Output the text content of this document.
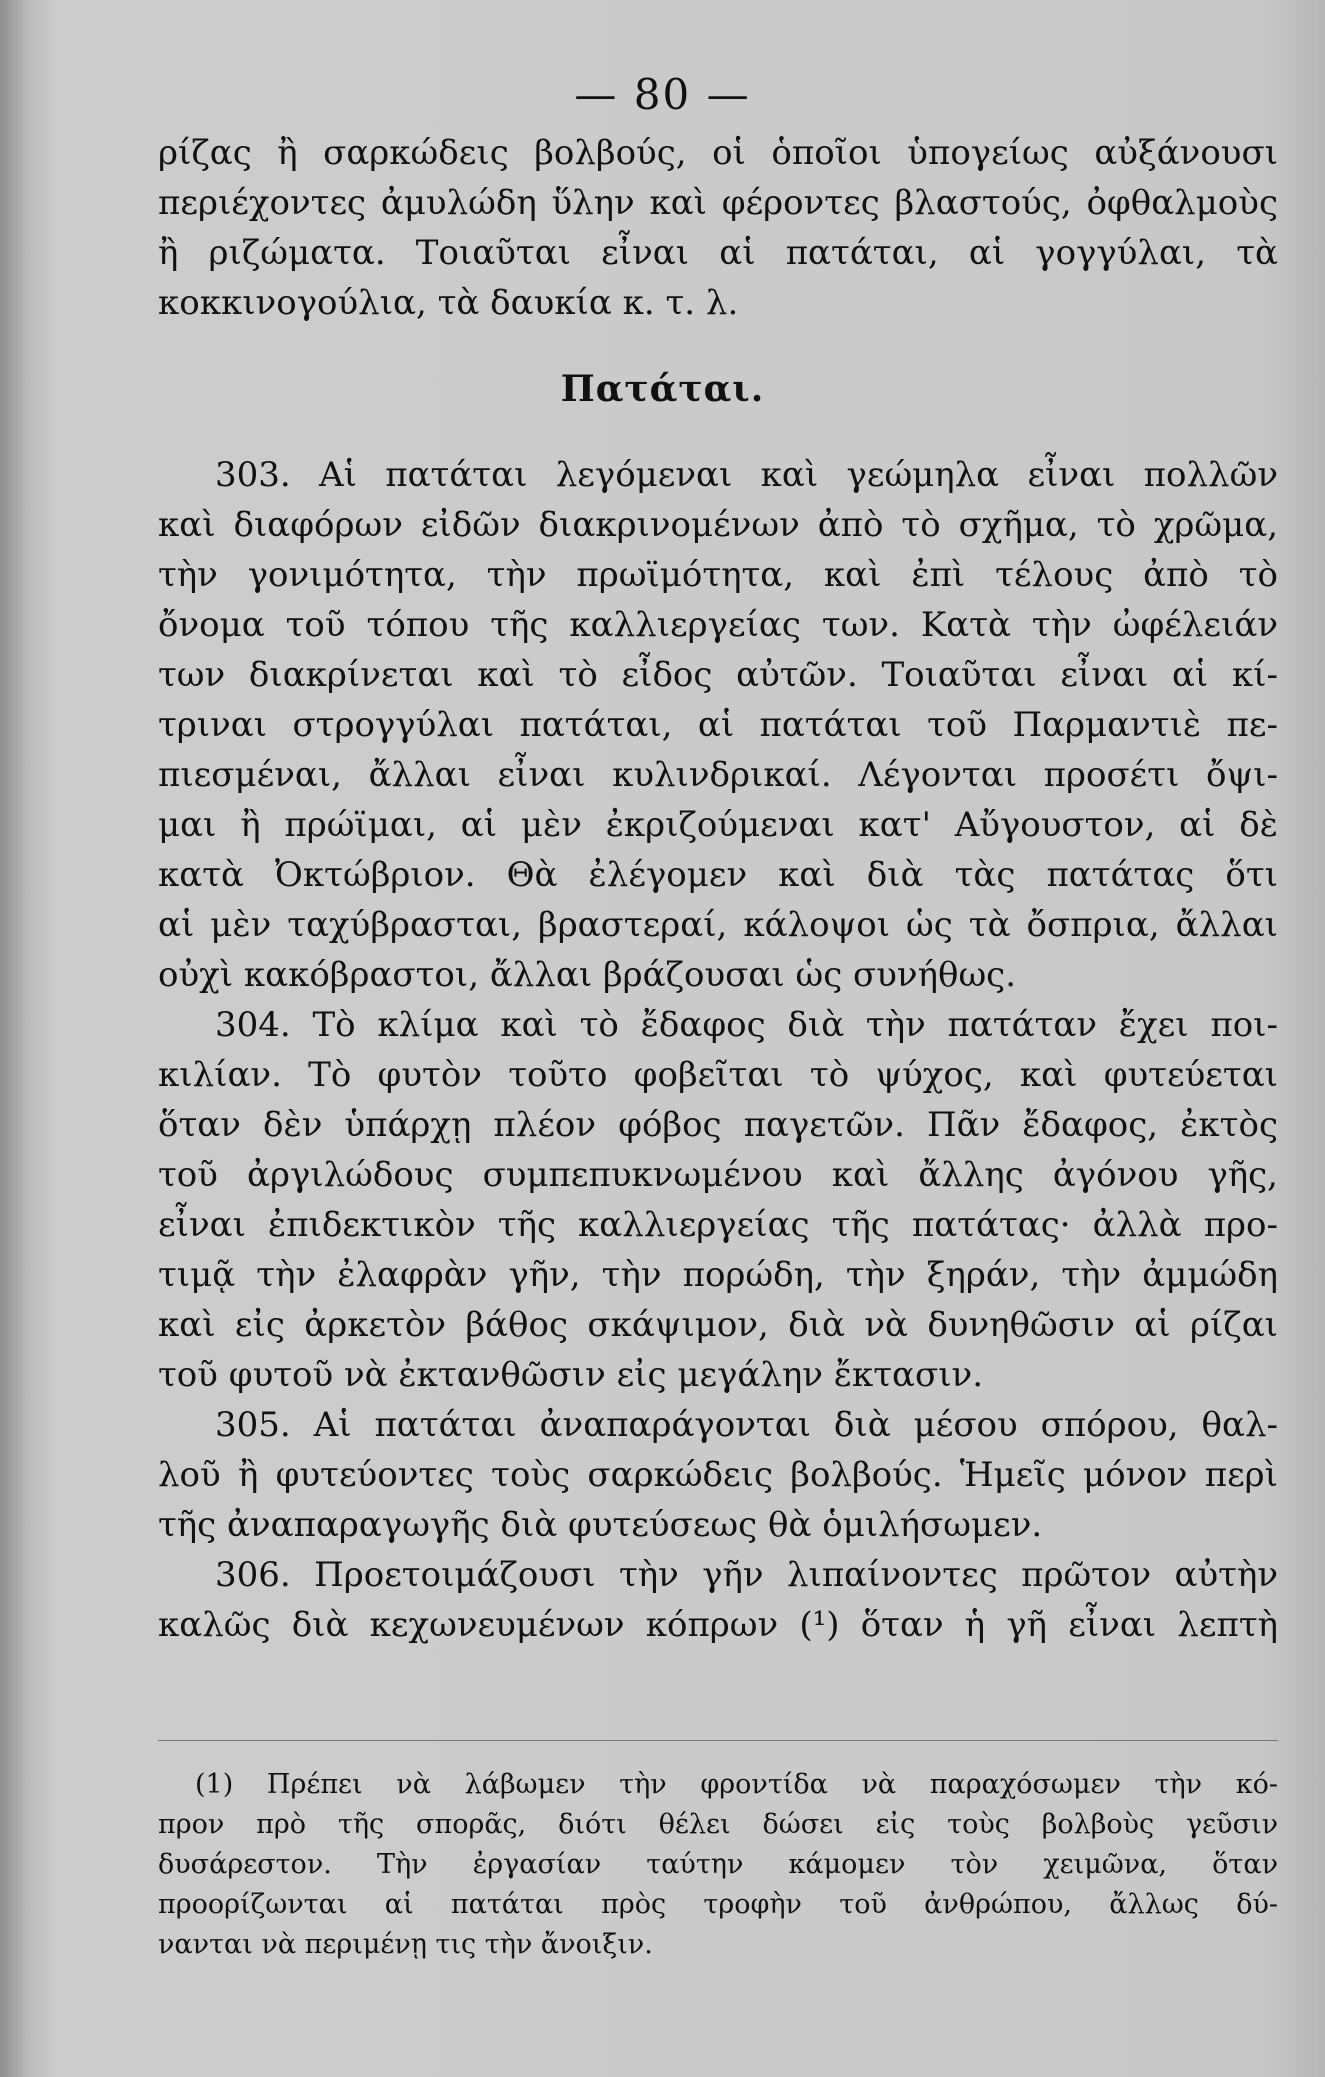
— 80 —
ρίζας ἢ σαρκώδεις βολβούς, οἱ ὁποῖοι ὑπογείως αὐξάνουσι
περιέχοντες ἀμυλώδη ὕλην καὶ φέροντες βλαστούς, ὀφθαλμοὺς
ἢ ριζώματα. Τοιαῦται εἶναι αἱ πατάται, αἱ γογγύλαι, τὰ
κοκκινογούλια, τὰ δαυκία κ. τ. λ.
Πατάται.
303. Αἱ πατάται λεγόμεναι καὶ γεώμηλα εἶναι πολλῶν
καὶ διαφόρων εἰδῶν διακρινομένων ἀπὸ τὸ σχῆμα, τὸ χρῶμα,
τὴν γονιμότητα, τὴν πρωϊμότητα, καὶ ἐπὶ τέλους ἀπὸ τὸ
ὄνομα τοῦ τόπου τῆς καλλιεργείας των. Κατὰ τὴν ὠφέλειάν
των διακρίνεται καὶ τὸ εἶδος αὐτῶν. Τοιαῦται εἶναι αἱ κί-
τριναι στρογγύλαι πατάται, αἱ πατάται τοῦ Παρμαντιὲ πε-
πιεσμέναι, ἄλλαι εἶναι κυλινδρικαί. Λέγονται προσέτι ὄψι-
μαι ἢ πρώϊμαι, αἱ μὲν ἐκριζούμεναι κατ' Αὔγουστον, αἱ δὲ
κατὰ Ὀκτώβριον. Θὰ ἐλέγομεν καὶ διὰ τὰς πατάτας ὅτι
αἱ μὲν ταχύβρασται, βραστεραί, κάλοψοι ὡς τὰ ὄσπρια, ἄλλαι
οὐχὶ κακόβραστοι, ἄλλαι βράζουσαι ὡς συνήθως.
304. Τὸ κλίμα καὶ τὸ ἔδαφος διὰ τὴν πατάταν ἔχει ποι-
κιλίαν. Τὸ φυτὸν τοῦτο φοβεῖται τὸ ψύχος, καὶ φυτεύεται
ὅταν δὲν ὑπάρχῃ πλέον φόβος παγετῶν. Πᾶν ἔδαφος, ἐκτὸς
τοῦ ἀργιλώδους συμπεπυκνωμένου καὶ ἄλλης ἀγόνου γῆς,
εἶναι ἐπιδεκτικὸν τῆς καλλιεργείας τῆς πατάτας· ἀλλὰ προ-
τιμᾷ τὴν ἐλαφρὰν γῆν, τὴν πορώδη, τὴν ξηράν, τὴν ἀμμώδη
καὶ εἰς ἀρκετὸν βάθος σκάψιμον, διὰ νὰ δυνηθῶσιν αἱ ρίζαι
τοῦ φυτοῦ νὰ ἐκτανθῶσιν εἰς μεγάλην ἔκτασιν.
305. Αἱ πατάται ἀναπαράγονται διὰ μέσου σπόρου, θαλ-
λοῦ ἢ φυτεύοντες τοὺς σαρκώδεις βολβούς. Ἡμεῖς μόνον περὶ
τῆς ἀναπαραγωγῆς διὰ φυτεύσεως θὰ ὁμιλήσωμεν.
306. Προετοιμάζουσι τὴν γῆν λιπαίνοντες πρῶτον αὐτὴν
καλῶς διὰ κεχωνευμένων κόπρων (¹) ὅταν ἡ γῆ εἶναι λεπτὴ
(1) Πρέπει νὰ λάβωμεν τὴν φροντίδα νὰ παραχόσωμεν τὴν κό-
προν πρὸ τῆς σπορᾶς, διότι θέλει δώσει εἰς τοὺς βολβοὺς γεῦσιν
δυσάρεστον. Τὴν ἐργασίαν ταύτην κάμομεν τὸν χειμῶνα, ὅταν
προορίζωνται αἱ πατάται πρὸς τροφὴν τοῦ ἀνθρώπου, ἄλλως δύ-
νανται νὰ περιμένῃ τις τὴν ἄνοιξιν.
